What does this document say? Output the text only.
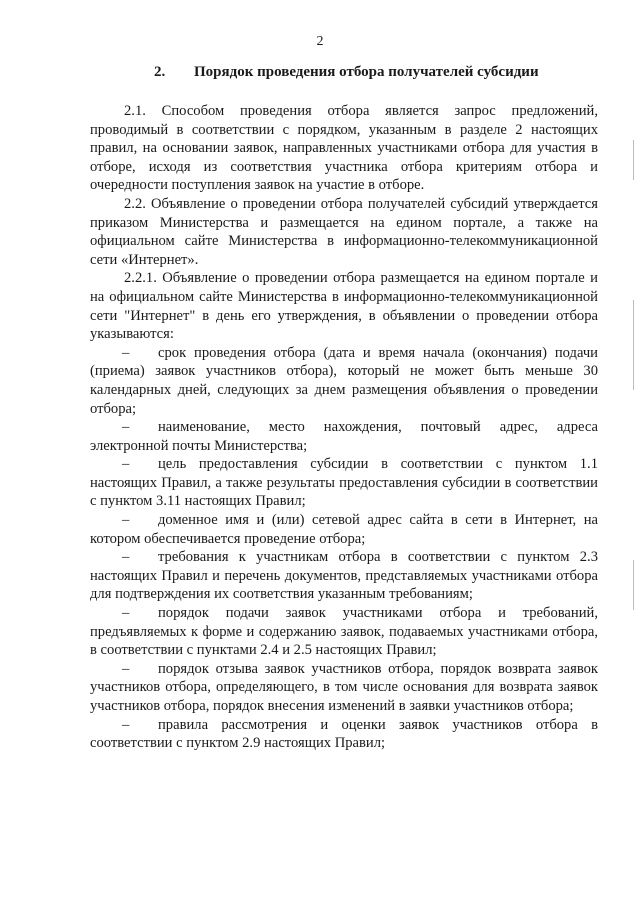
2
2. Порядок проведения отбора получателей субсидии

2.1. Способом проведения отбора является запрос предложений, проводимый в соответствии с порядком, указанным в разделе 2 настоящих правил, на основании заявок, направленных участниками отбора для участия в отборе, исходя из соответствия участника отбора критериям отбора и очередности поступления заявок на участие в отборе.

2.2. Объявление о проведении отбора получателей субсидий утверждается приказом Министерства и размещается на едином портале, а также на официальном сайте Министерства в информационно-телекоммуникационной сети «Интернет».

2.2.1. Объявление о проведении отбора размещается на едином портале и на официальном сайте Министерства в информационно-телекоммуникационной сети "Интернет" в день его утверждения, в объявлении о проведении отбора указываются:

– срок проведения отбора (дата и время начала (окончания) подачи (приема) заявок участников отбора), который не может быть меньше 30 календарных дней, следующих за днем размещения объявления о проведении отбора;

– наименование, место нахождения, почтовый адрес, адреса электронной почты Министерства;

– цель предоставления субсидии в соответствии с пунктом 1.1 настоящих Правил, а также результаты предоставления субсидии в соответствии с пунктом 3.11 настоящих Правил;

– доменное имя и (или) сетевой адрес сайта в сети в Интернет, на котором обеспечивается проведение отбора;

– требования к участникам отбора в соответствии с пунктом 2.3 настоящих Правил и перечень документов, представляемых участниками отбора для подтверждения их соответствия указанным требованиям;

– порядок подачи заявок участниками отбора и требований, предъявляемых к форме и содержанию заявок, подаваемых участниками отбора, в соответствии с пунктами 2.4 и 2.5 настоящих Правил;

– порядок отзыва заявок участников отбора, порядок возврата заявок участников отбора, определяющего, в том числе основания для возврата заявок участников отбора, порядок внесения изменений в заявки участников отбора;

– правила рассмотрения и оценки заявок участников отбора в соответствии с пунктом 2.9 настоящих Правил;
